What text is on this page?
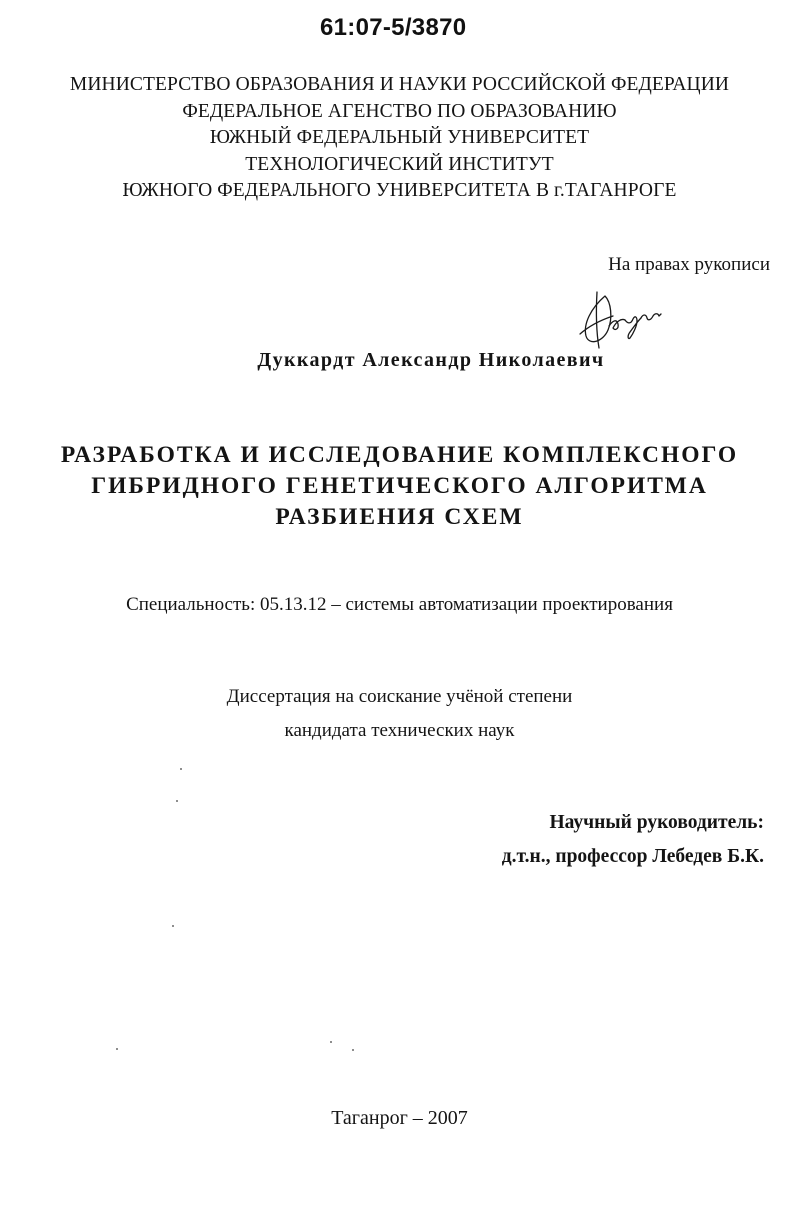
61:07-5/3870
МИНИСТЕРСТВО ОБРАЗОВАНИЯ И НАУКИ РОССИЙСКОЙ ФЕДЕРАЦИИ
ФЕДЕРАЛЬНОЕ АГЕНСТВО ПО ОБРАЗОВАНИЮ
ЮЖНЫЙ ФЕДЕРАЛЬНЫЙ УНИВЕРСИТЕТ
ТЕХНОЛОГИЧЕСКИЙ ИНСТИТУТ
ЮЖНОГО ФЕДЕРАЛЬНОГО УНИВЕРСИТЕТА В г.ТАГАНРОГЕ
На правах рукописи
Дуккардт Александр Николаевич
РАЗРАБОТКА И ИССЛЕДОВАНИЕ КОМПЛЕКСНОГО
ГИБРИДНОГО ГЕНЕТИЧЕСКОГО АЛГОРИТМА
РАЗБИЕНИЯ СХЕМ
Специальность: 05.13.12 – системы автоматизации проектирования
Диссертация на соискание учёной степени
кандидата технических наук
Научный руководитель:
д.т.н., профессор Лебедев Б.К.
Таганрог – 2007
